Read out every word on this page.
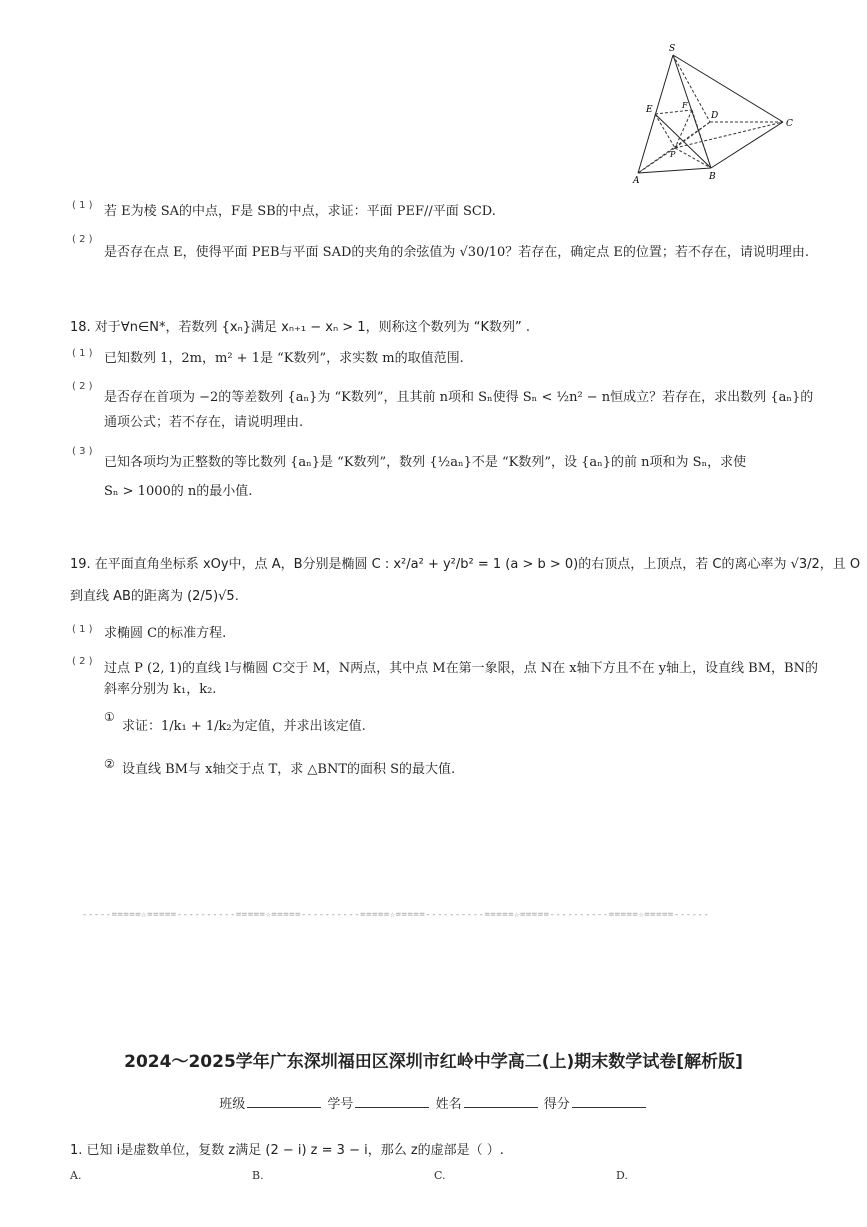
S
E	F
D
C
P
A	B
( 1 ) 若 E为棱 SA的中点，F是 SB的中点，求证：平面 PEF//平面 SCD.
( 2 )
是否存在点 E，使得平面 PEB与平面 SAD的夹角的余弦值为 √30/10？若存在，确定点 E的位置；若不存在，请说明理由.
18. 对于∀n∈N*，若数列 {xₙ}满足 xₙ₊₁ − xₙ > 1，则称这个数列为 “K数列” .
( 1 ) 已知数列 1，2m，m² + 1是 “K数列”，求实数 m的取值范围.
( 2 )
是否存在首项为 −2的等差数列 {aₙ}为 “K数列”，且其前 n项和 Sₙ使得 Sₙ < ½n² − n恒成立？若存在，求出数列 {aₙ}的
通项公式；若不存在，请说明理由.
( 3 )
已知各项均为正整数的等比数列 {aₙ}是 “K数列”，数列 {½aₙ}不是 “K数列”，设 {aₙ}的前 n项和为 Sₙ，求使
Sₙ > 1000的 n的最小值.
19. 在平面直角坐标系 xOy中，点 A，B分别是椭圆 C : x²/a² + y²/b² = 1 (a > b > 0)的右顶点，上顶点，若 C的离心率为 √3/2，且 O
到直线 AB的距离为 (2/5)√5.
( 1 ) 求椭圆 C的标准方程.
( 2 ) 过点 P (2, 1)的直线 l与椭圆 C交于 M，N两点，其中点 M在第一象限，点 N在 x轴下方且不在 y轴上，设直线 BM，BN的
斜率分别为 k₁，k₂.
①
求证：1/k₁ + 1/k₂为定值，并求出该定值.
② 设直线 BM与 x轴交于点 T，求 △BNT的面积 S的最大值.
-----=====☆=====----------=====☆=====----------=====☆=====----------=====☆=====----------=====☆=====------
2024～2025学年广东深圳福田区深圳市红岭中学高二(上)期末数学试卷[解析版]
班级	学号	姓名	得分
1. 已知 i是虚数单位，复数 z满足 (2 − i) z = 3 − i，那么 z的虚部是（ ）.
A.	B.	C.	D.
